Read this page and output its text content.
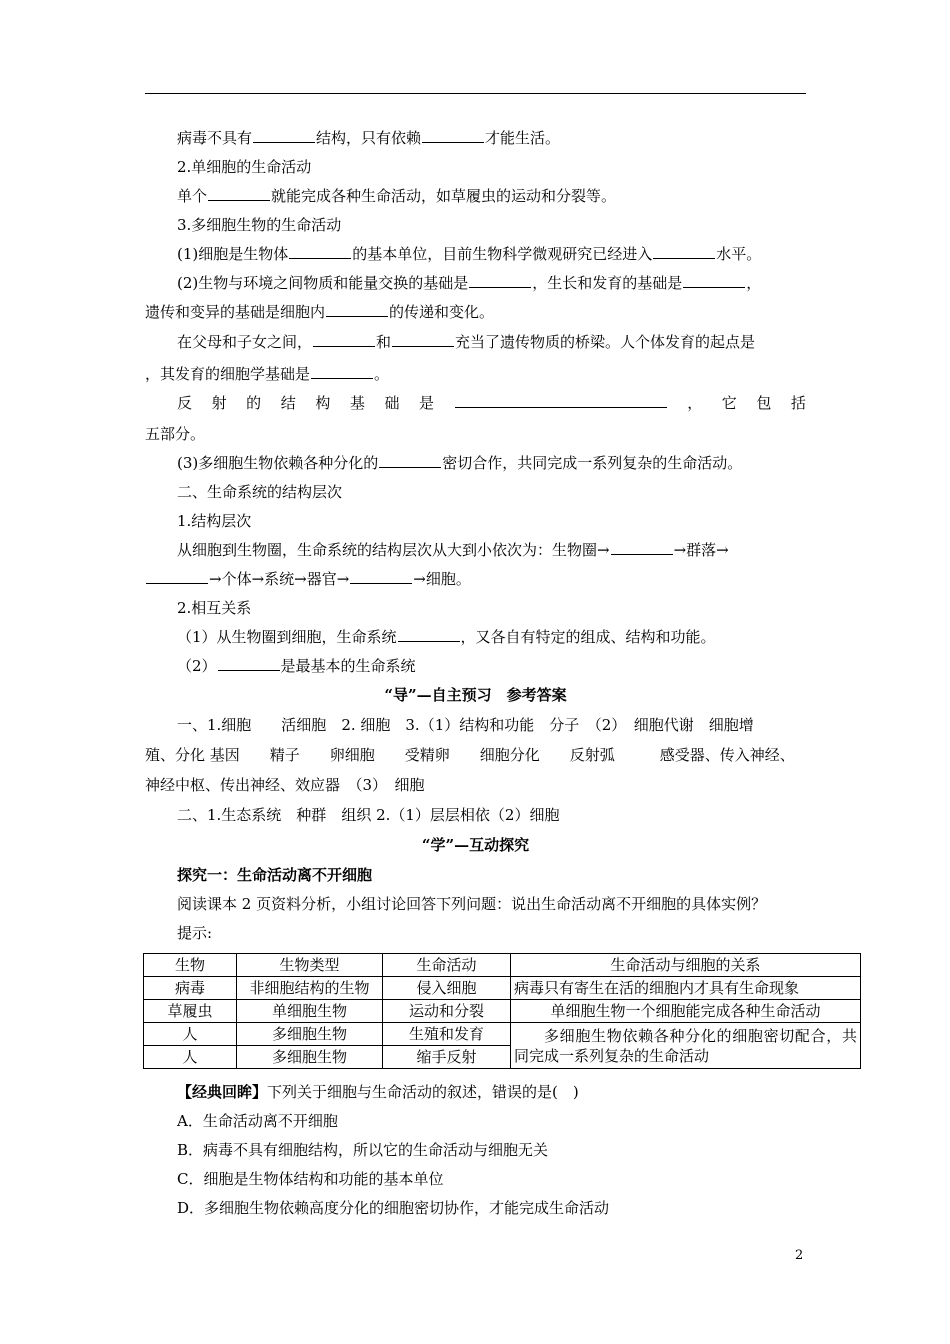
病毒不具有	结构，只有依赖	才能生活。
2.单细胞的生命活动
单个	就能完成各种生命活动，如草履虫的运动和分裂等。
3.多细胞生物的生命活动
(1)细胞是生物体	的基本单位，目前生物科学微观研究已经进入	水平。
(2)生物与环境之间物质和能量交换的基础是	，生长和发育的基础是	，
遗传和变异的基础是细胞内	的传递和变化。
在父母和子女之间，	和	充当了遗传物质的桥梁。人个体发育的起点是
，其发育的细胞学基础是	。
反 射 的 结 构 基 础 是	， 它 包 括
五部分。
(3)多细胞生物依赖各种分化的	密切合作，共同完成一系列复杂的生命活动。
二、生命系统的结构层次
1.结构层次
从细胞到生物圈，生命系统的结构层次从大到小依次为：生物圈→	→群落→
→个体→系统→器官→	→细胞。
2.相互关系
（1）从生物圈到细胞，生命系统	，又各自有特定的组成、结构和功能。
（2）	是最基本的生命系统
“导”—自主预习　参考答案
一、1.细胞　　活细胞　2. 细胞　3.（1）结构和功能　分子　（2）　细胞代谢　细胞增
殖、分化 基因　　精子　　卵细胞　　受精卵　　细胞分化　　反射弧　　　感受器、传入神经、
神经中枢、传出神经、效应器　（3）　细胞
二、1.生态系统　种群　组织 2.（1）层层相依（2）细胞
“学”—互动探究
探究一：生命活动离不开细胞
阅读课本 2 页资料分析，小组讨论回答下列问题：说出生命活动离不开细胞的具体实例？
提示:
生物	生物类型	生命活动	生命活动与细胞的关系
病毒	非细胞结构的生物	侵入细胞	病毒只有寄生在活的细胞内才具有生命现象
草履虫	单细胞生物	运动和分裂	单细胞生物一个细胞能完成各种生命活动
人	多细胞生物	生殖和发育	多细胞生物依赖各种分化的细胞密切配合，共同完成一系列复杂的生命活动
人	多细胞生物	缩手反射	
【经典回眸】下列关于细胞与生命活动的叙述，错误的是(　)
A．生命活动离不开细胞
B．病毒不具有细胞结构，所以它的生命活动与细胞无关
C．细胞是生物体结构和功能的基本单位
D．多细胞生物依赖高度分化的细胞密切协作，才能完成生命活动
2
